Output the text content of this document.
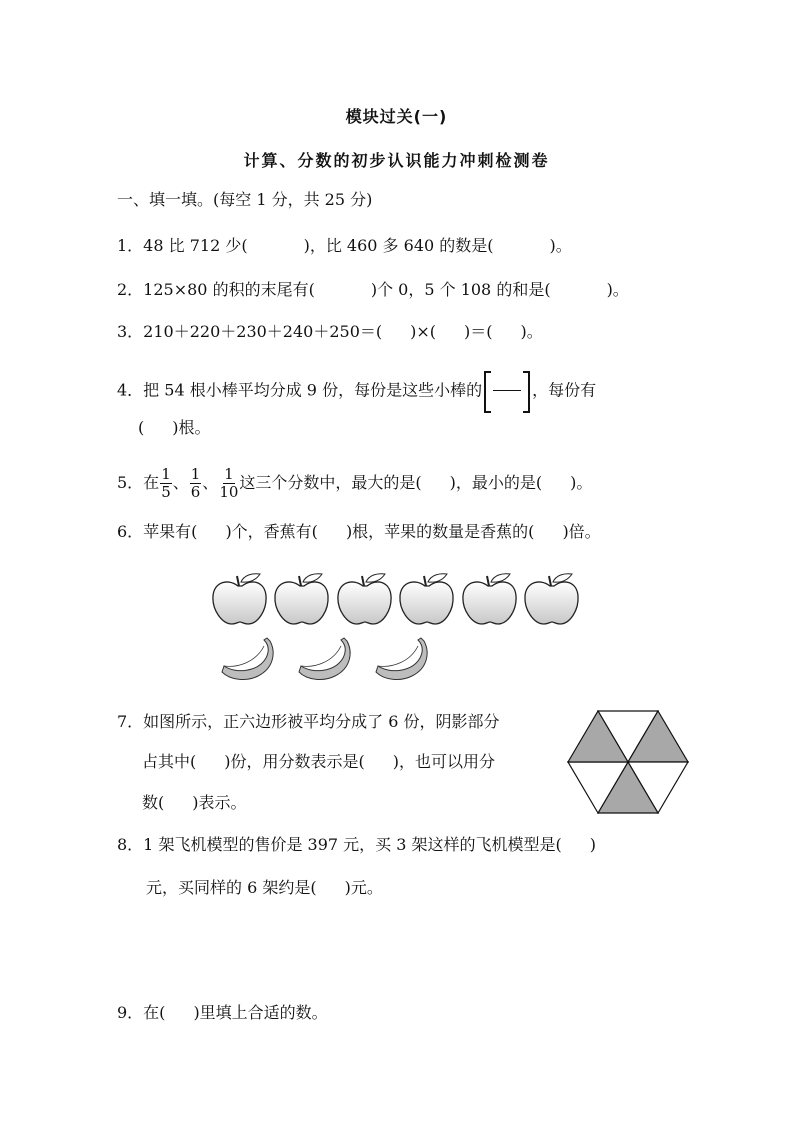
模块过关(一)
计算、分数的初步认识能力冲刺检测卷
一、填一填。(每空 1 分，共 25 分)
1．48 比 712 少(	)，比 460 多 640 的数是(	)。
2．125×80 的积的末尾有(	)个 0，5 个 108 的和是(	)。
3．210＋220＋230＋240＋250＝( )×( )＝( )。
4．把 54 根小棒平均分成 9 份，每份是这些小棒的	，每份有
( )根。
5．在 $\frac{1}{5}$ 、 $\frac{1}{6}$ 、 $\frac{1}{10}$ 这三个分数中，最大的是( )，最小的是( )。
6．苹果有( )个，香蕉有( )根，苹果的数量是香蕉的( )倍。
7．如图所示，正六边形被平均分成了 6 份，阴影部分
占其中( )份，用分数表示是( )，也可以用分
数( )表示。
8．1 架飞机模型的售价是 397 元，买 3 架这样的飞机模型是( )
元，买同样的 6 架约是( )元。
9．在( )里填上合适的数。
